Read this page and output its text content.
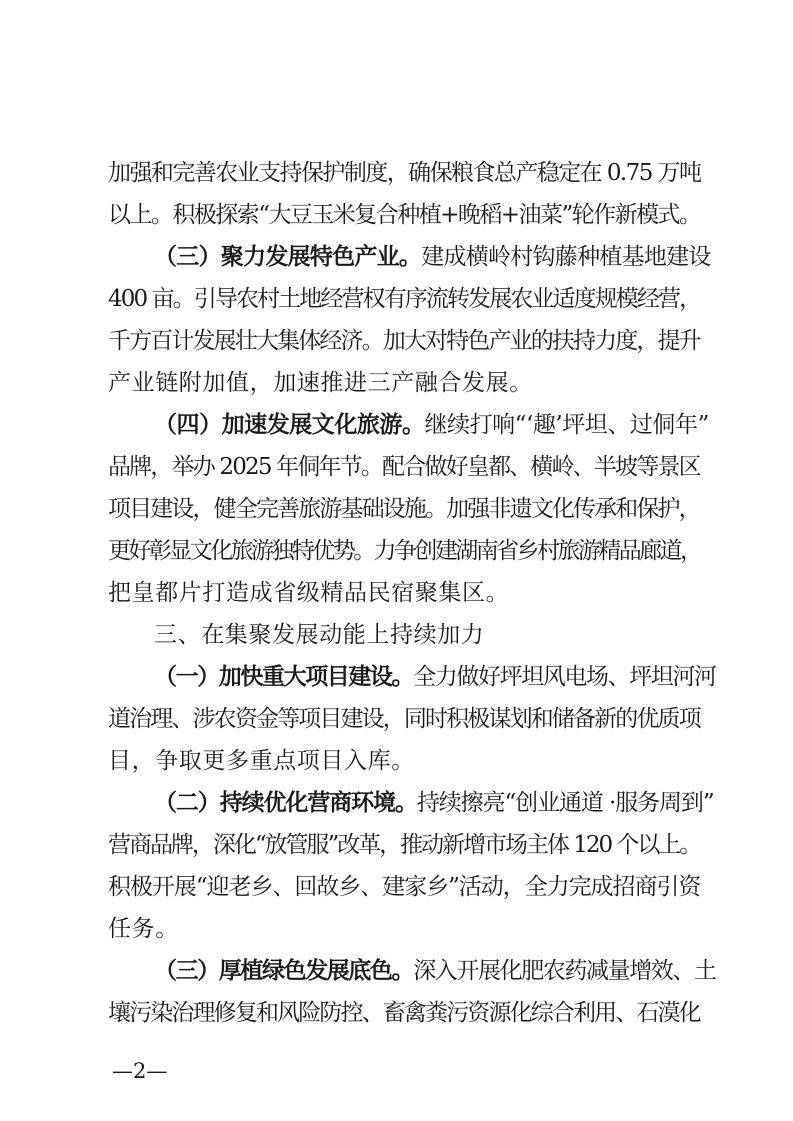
加强和完善农业支持保护制度，确保粮食总产稳定在 0.75 万吨
以上。积极探索“大豆玉米复合种植+晚稻+油菜”轮作新模式。
（三）聚力发展特色产业。建成横岭村钩藤种植基地建设
400 亩。引导农村土地经营权有序流转发展农业适度规模经营，
千方百计发展壮大集体经济。加大对特色产业的扶持力度，提升
产业链附加值，加速推进三产融合发展。
（四）加速发展文化旅游。继续打响“‘趣’坪坦、过侗年”
品牌，举办 2025 年侗年节。配合做好皇都、横岭、半坡等景区
项目建设，健全完善旅游基础设施。加强非遗文化传承和保护，
更好彰显文化旅游独特优势。力争创建湖南省乡村旅游精品廊道，
把皇都片打造成省级精品民宿聚集区。
三、在集聚发展动能上持续加力
（一）加快重大项目建设。全力做好坪坦风电场、坪坦河河
道治理、涉农资金等项目建设，同时积极谋划和储备新的优质项
目，争取更多重点项目入库。
（二）持续优化营商环境。持续擦亮“创业通道 ·服务周到”
营商品牌，深化“放管服”改革，推动新增市场主体 120 个以上。
积极开展“迎老乡、回故乡、建家乡”活动，全力完成招商引资
任务。
（三）厚植绿色发展底色。深入开展化肥农药减量增效、土
壤污染治理修复和风险防控、畜禽粪污资源化综合利用、石漠化
—2—
